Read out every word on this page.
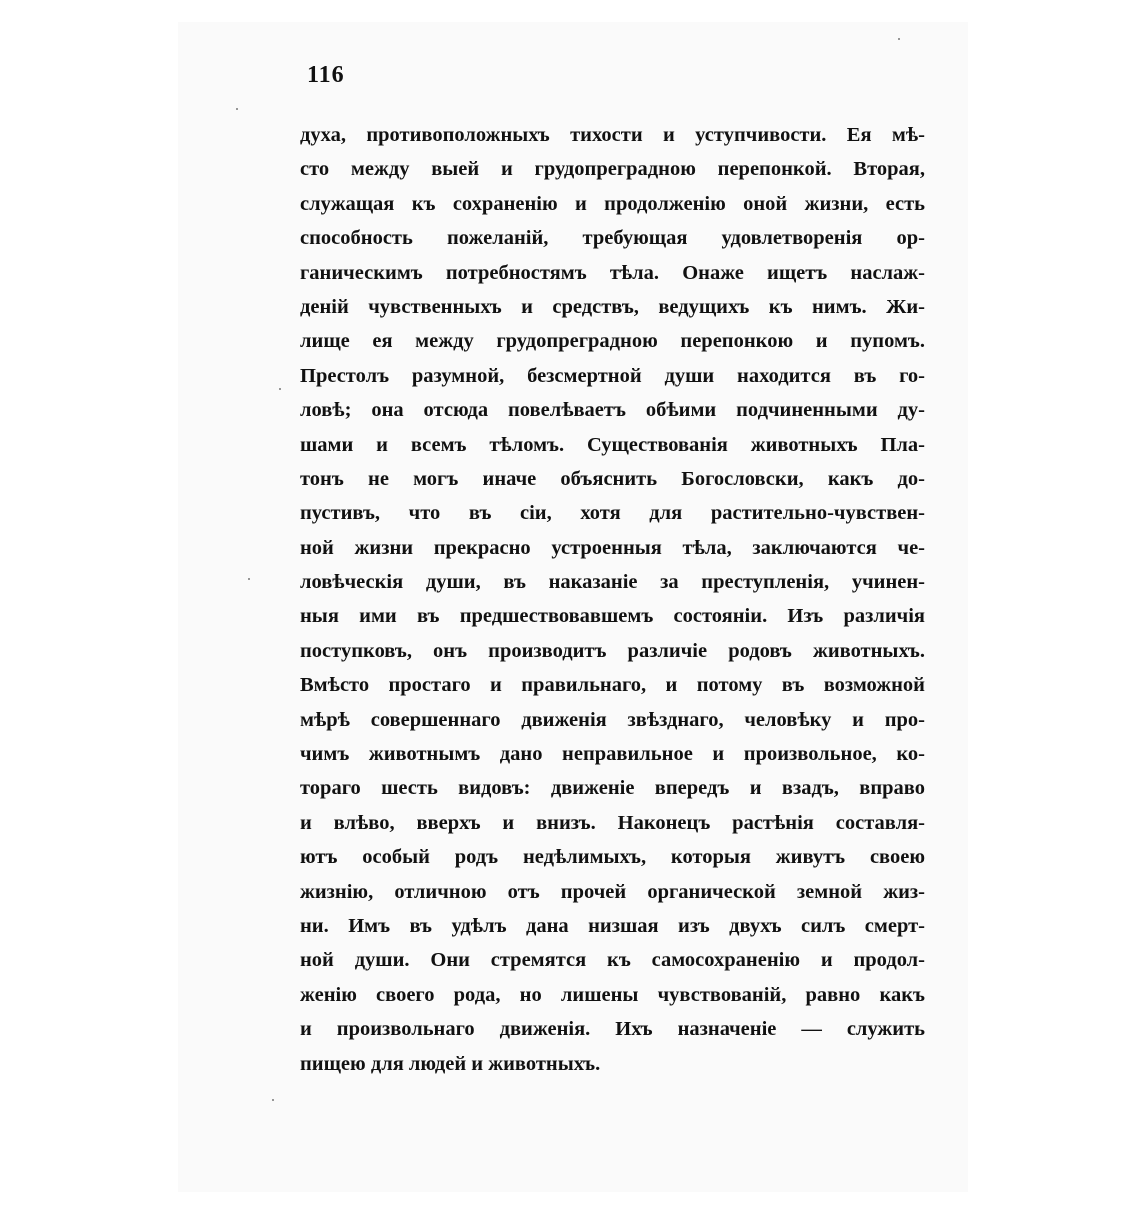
116
духа, противоположныхъ тихости и уступчивости. Ея мѣ-
сто между выей и грудопреградною перепонкой. Вторая,
служащая къ сохраненію и продолженію оной жизни, есть
способность пожеланій, требующая удовлетворенія ор-
ганическимъ потребностямъ тѣла. Онаже ищетъ наслаж-
деній чувственныхъ и средствъ, ведущихъ къ нимъ. Жи-
лище ея между грудопреградною перепонкою и пупомъ.
Престолъ разумной, безсмертной души находится въ го-
ловѣ; она отсюда повелѣваетъ обѣими подчиненными ду-
шами и всемъ тѣломъ. Существованія животныхъ Пла-
тонъ не могъ иначе объяснить Богословски, какъ до-
пустивъ, что въ сіи, хотя для растительно-чувствен-
ной жизни прекрасно устроенныя тѣла, заключаются че-
ловѣческія души, въ наказаніе за преступленія, учинен-
ныя ими въ предшествовавшемъ состояніи. Изъ различія
поступковъ, онъ производитъ различіе родовъ животныхъ.
Вмѣсто простаго и правильнаго, и потому въ возможной
мѣрѣ совершеннаго движенія звѣзднаго, человѣку и про-
чимъ животнымъ дано неправильное и произвольное, ко-
тораго шесть видовъ: движеніе впередъ и взадъ, вправо
и влѣво, вверхъ и внизъ. Наконецъ растѣнія составля-
ютъ особый родъ недѣлимыхъ, которыя живутъ своею
жизнію, отличною отъ прочей органической земной жиз-
ни. Имъ въ удѣлъ дана низшая изъ двухъ силъ смерт-
ной души. Они стремятся къ самосохраненію и продол-
женію своего рода, но лишены чувствованій, равно какъ
и произвольнаго движенія. Ихъ назначеніе — служить
пищею для людей и животныхъ.
